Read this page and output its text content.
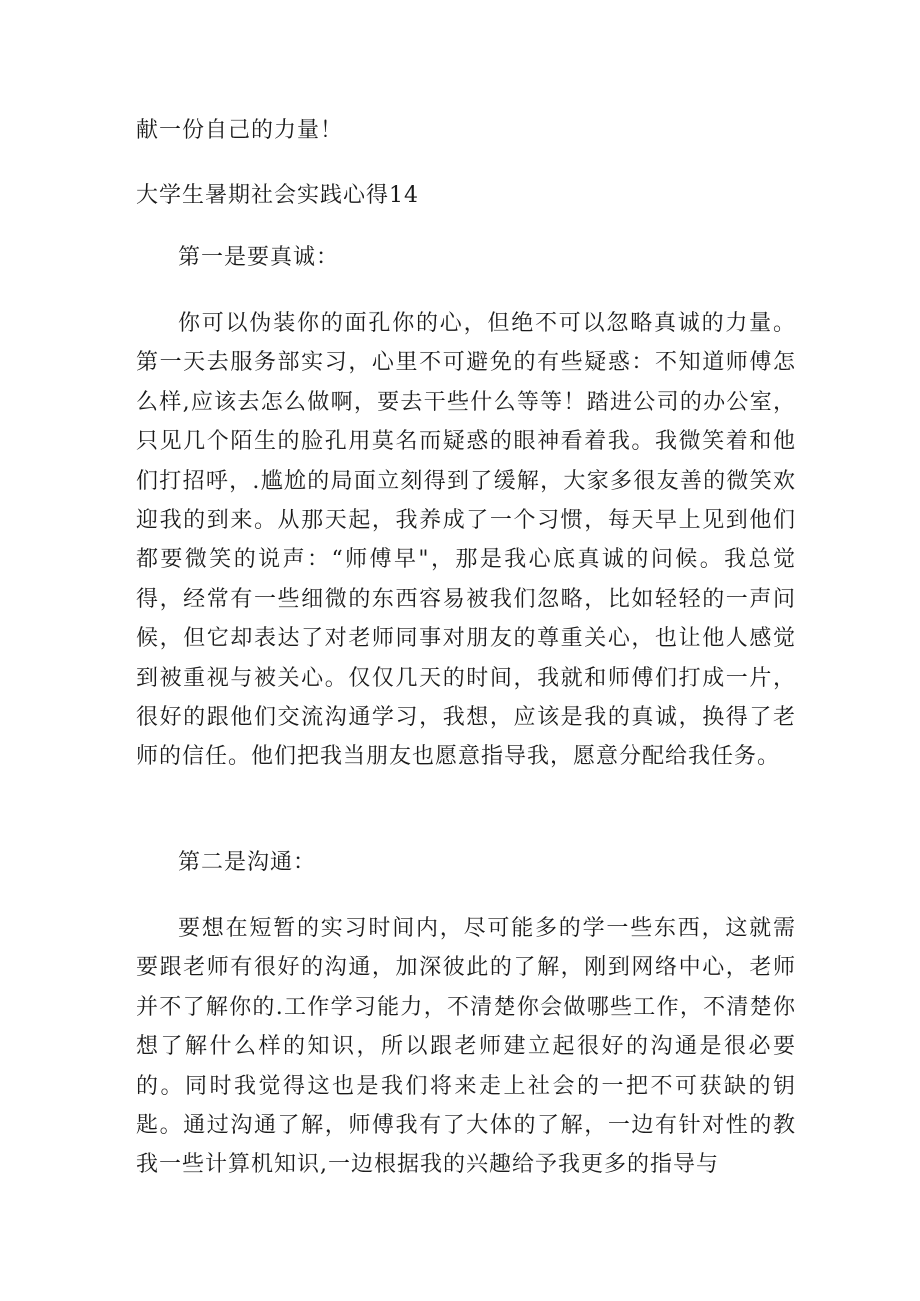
献一份自己的力量！
大学生暑期社会实践心得14
第一是要真诚：

你可以伪装你的面孔你的心，但绝不可以忽略真诚的力量。第一天去服务部实习，心里不可避免的有些疑惑：不知道师傅怎么样,应该去怎么做啊，要去干些什么等等！踏进公司的办公室，只见几个陌生的脸孔用莫名而疑惑的眼神看着我。我微笑着和他们打招呼，.尴尬的局面立刻得到了缓解，大家多很友善的微笑欢迎我的到来。从那天起，我养成了一个习惯，每天早上见到他们都要微笑的说声：“师傅早"，那是我心底真诚的问候。我总觉得，经常有一些细微的东西容易被我们忽略，比如轻轻的一声问候，但它却表达了对老师同事对朋友的尊重关心，也让他人感觉到被重视与被关心。仅仅几天的时间，我就和师傅们打成一片，很好的跟他们交流沟通学习，我想，应该是我的真诚，换得了老师的信任。他们把我当朋友也愿意指导我，愿意分配给我任务。

第二是沟通：

要想在短暂的实习时间内，尽可能多的学一些东西，这就需要跟老师有很好的沟通，加深彼此的了解，刚到网络中心，老师并不了解你的.工作学习能力，不清楚你会做哪些工作，不清楚你想了解什么样的知识，所以跟老师建立起很好的沟通是很必要的。同时我觉得这也是我们将来走上社会的一把不可获缺的钥匙。通过沟通了解，师傅我有了大体的了解，一边有针对性的教我一些计算机知识,一边根据我的兴趣给予我更多的指导与
